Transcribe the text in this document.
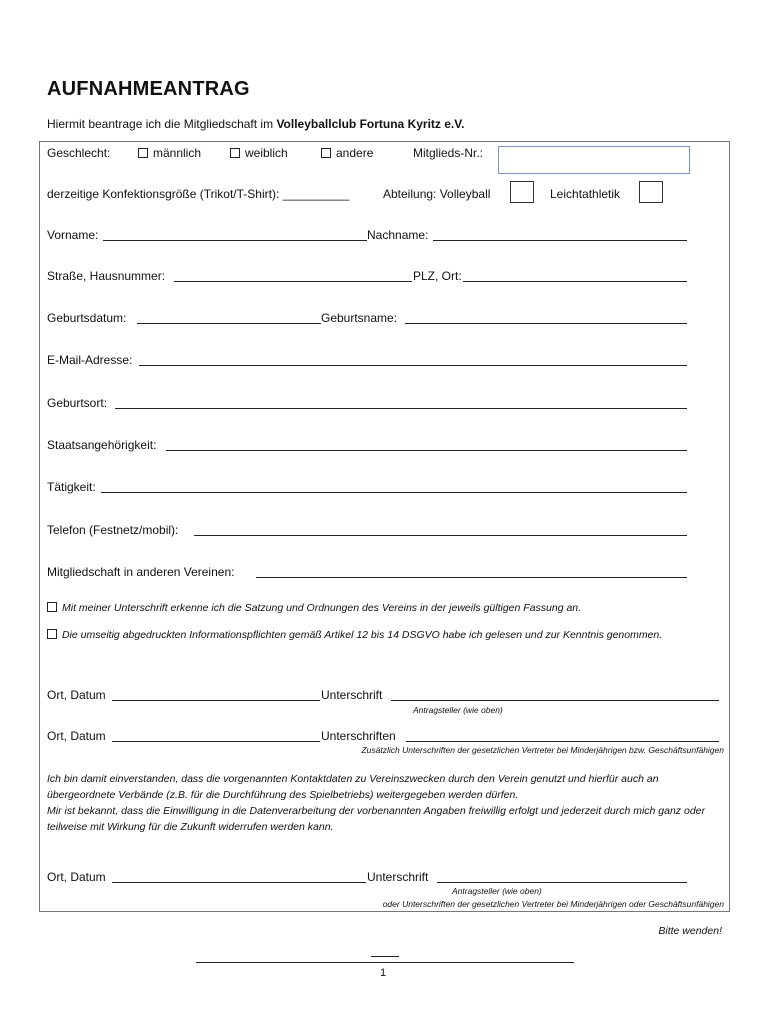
AUFNAHMEANTRAG
Hiermit beantrage ich die Mitgliedschaft im Volleyballclub Fortuna Kyritz e.V.
Geschlecht:	männlich	weiblich	andere	Mitglieds-Nr.:
derzeitige Konfektionsgröße (Trikot/T-Shirt): __________	Abteilung: Volleyball	Leichtathletik
Vorname:	Nachname:
Straße, Hausnummer:	PLZ, Ort:
Geburtsdatum:	Geburtsname:
E-Mail-Adresse:
Geburtsort:
Staatsangehörigkeit:
Tätigkeit:
Telefon (Festnetz/mobil):
Mitgliedschaft in anderen Vereinen:
Mit meiner Unterschrift erkenne ich die Satzung und Ordnungen des Vereins in der jeweils gültigen Fassung an.
Die umseitig abgedruckten Informationspflichten gemäß Artikel 12 bis 14 DSGVO habe ich gelesen und zur Kenntnis genommen.
Ort, Datum	Unterschrift
Antragsteller (wie oben)
Ort, Datum	Unterschriften
Zusätzlich Unterschriften der gesetzlichen Vertreter bei Minderjährigen bzw. Geschäftsunfähigen
Ich bin damit einverstanden, dass die vorgenannten Kontaktdaten zu Vereinszwecken durch den Verein genutzt und hierfür auch an übergeordnete Verbände (z.B. für die Durchführung des Spielbetriebs) weitergegeben werden dürfen.
Mir ist bekannt, dass die Einwilligung in die Datenverarbeitung der vorbenannten Angaben freiwillig erfolgt und jederzeit durch mich ganz oder teilweise mit Wirkung für die Zukunft widerrufen werden kann.
Ort, Datum	Unterschrift
Antragsteller (wie oben)
oder Unterschriften der gesetzlichen Vertreter bei Minderjährigen oder Geschäftsunfähigen
Bitte wenden!
1
